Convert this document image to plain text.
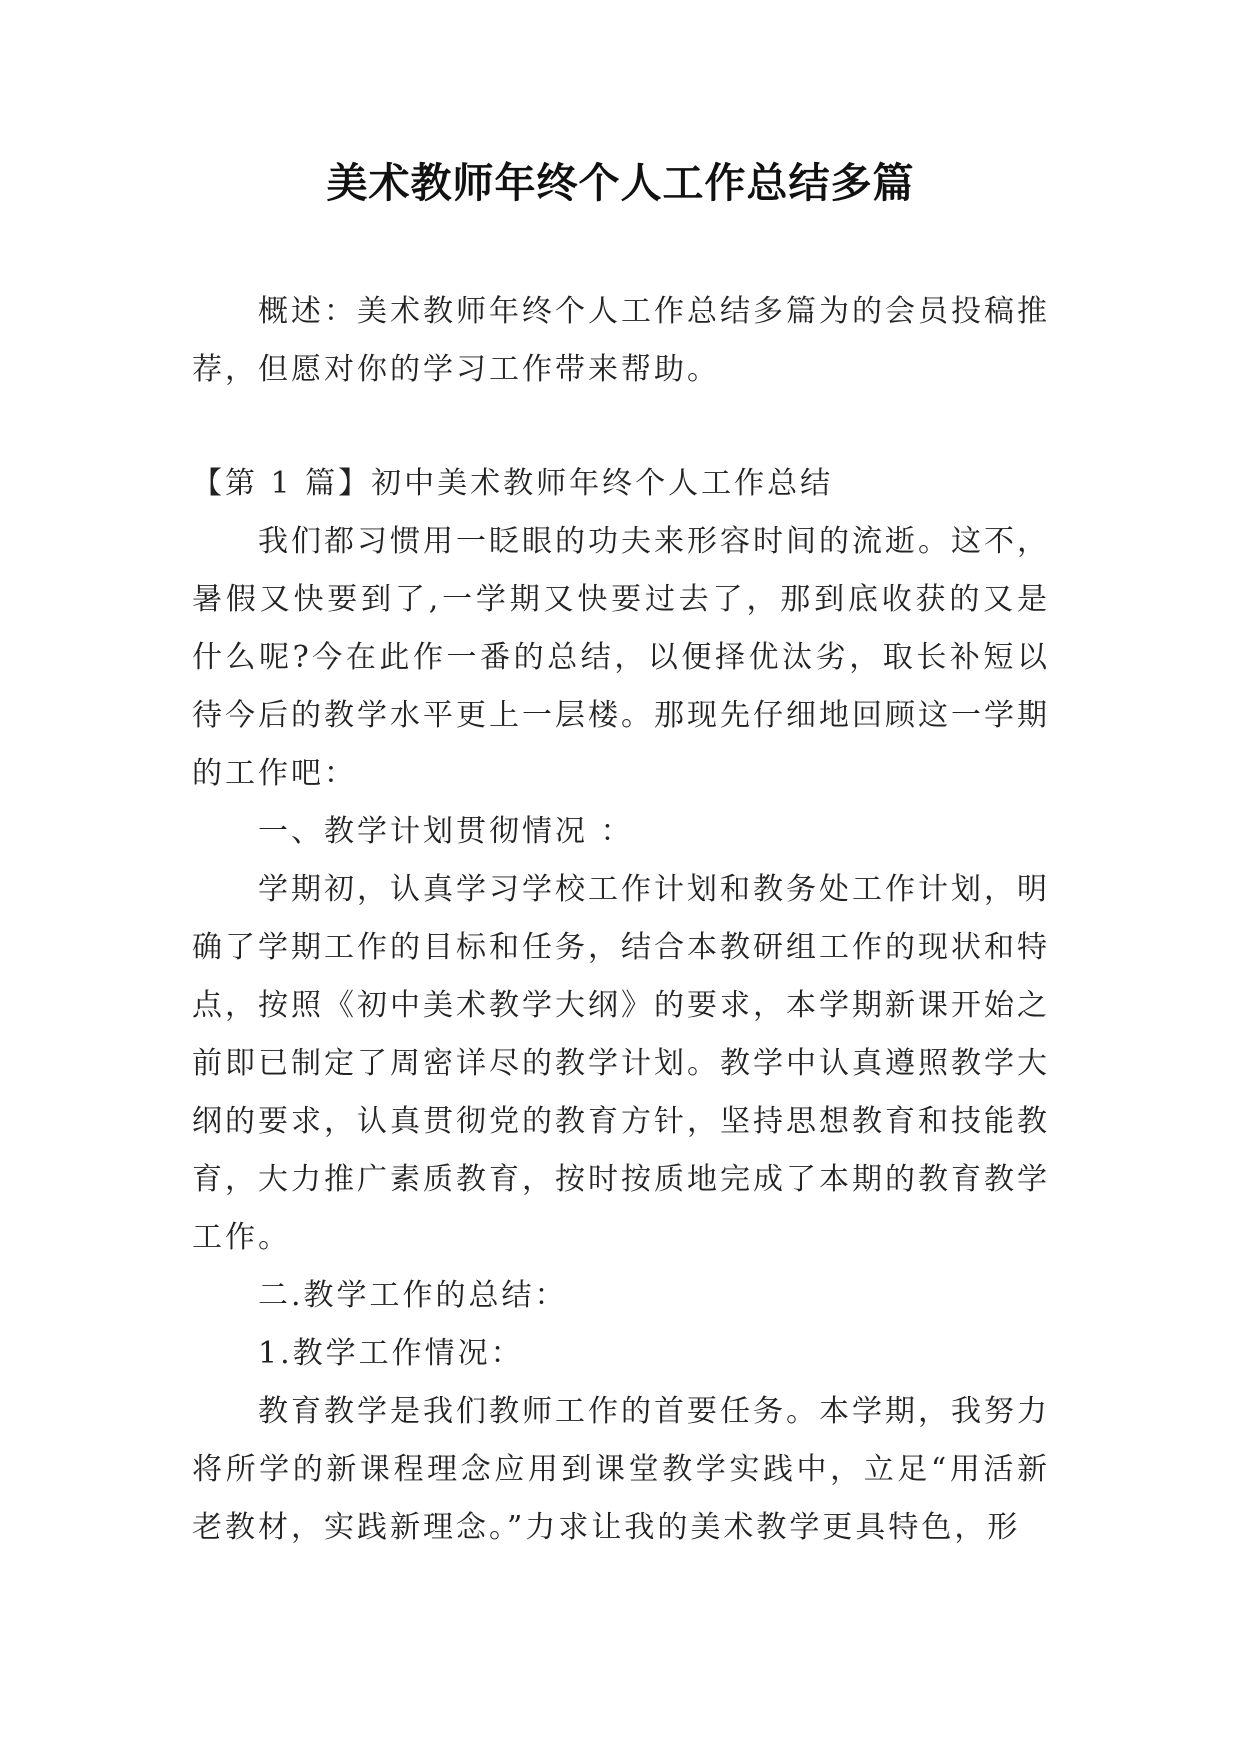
美术教师年终个人工作总结多篇
概述：美术教师年终个人工作总结多篇为的会员投稿推荐，但愿对你的学习工作带来帮助。

【第 1 篇】初中美术教师年终个人工作总结

我们都习惯用一眨眼的功夫来形容时间的流逝。这不，暑假又快要到了,一学期又快要过去了，那到底收获的又是什么呢?今在此作一番的总结，以便择优汰劣，取长补短以待今后的教学水平更上一层楼。那现先仔细地回顾这一学期的工作吧：

一、教学计划贯彻情况 ：

学期初，认真学习学校工作计划和教务处工作计划，明确了学期工作的目标和任务，结合本教研组工作的现状和特点，按照《初中美术教学大纲》的要求，本学期新课开始之前即已制定了周密详尽的教学计划。教学中认真遵照教学大纲的要求，认真贯彻党的教育方针，坚持思想教育和技能教育，大力推广素质教育，按时按质地完成了本期的教育教学工作。

二.教学工作的总结：

1.教学工作情况：

教育教学是我们教师工作的首要任务。本学期，我努力将所学的新课程理念应用到课堂教学实践中，立足“用活新老教材，实践新理念。”力求让我的美术教学更具特色，形
